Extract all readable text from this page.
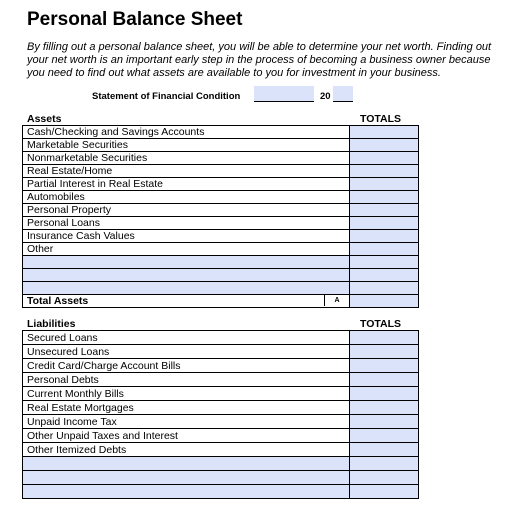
Personal Balance Sheet

By filling out a personal balance sheet, you will be able to determine your net worth. Finding out your net worth is an important early step in the process of becoming a business owner because you need to find out what assets are available to you for investment in your business.

Statement of Financial Condition	20
Assets	TOTALS
Cash/Checking and Savings Accounts	
Marketable Securities	
Nonmarketable Securities	
Real Estate/Home	
Partial Interest in Real Estate	
Automobiles	
Personal Property	
Personal Loans	
Insurance Cash Values	
Other	

Total Assets A	

Liabilities	TOTALS
Secured Loans	
Unsecured Loans	
Credit Card/Charge Account Bills	
Personal Debts	
Current Monthly Bills	
Real Estate Mortgages	
Unpaid Income Tax	
Other Unpaid Taxes and Interest	
Other Itemized Debts	
